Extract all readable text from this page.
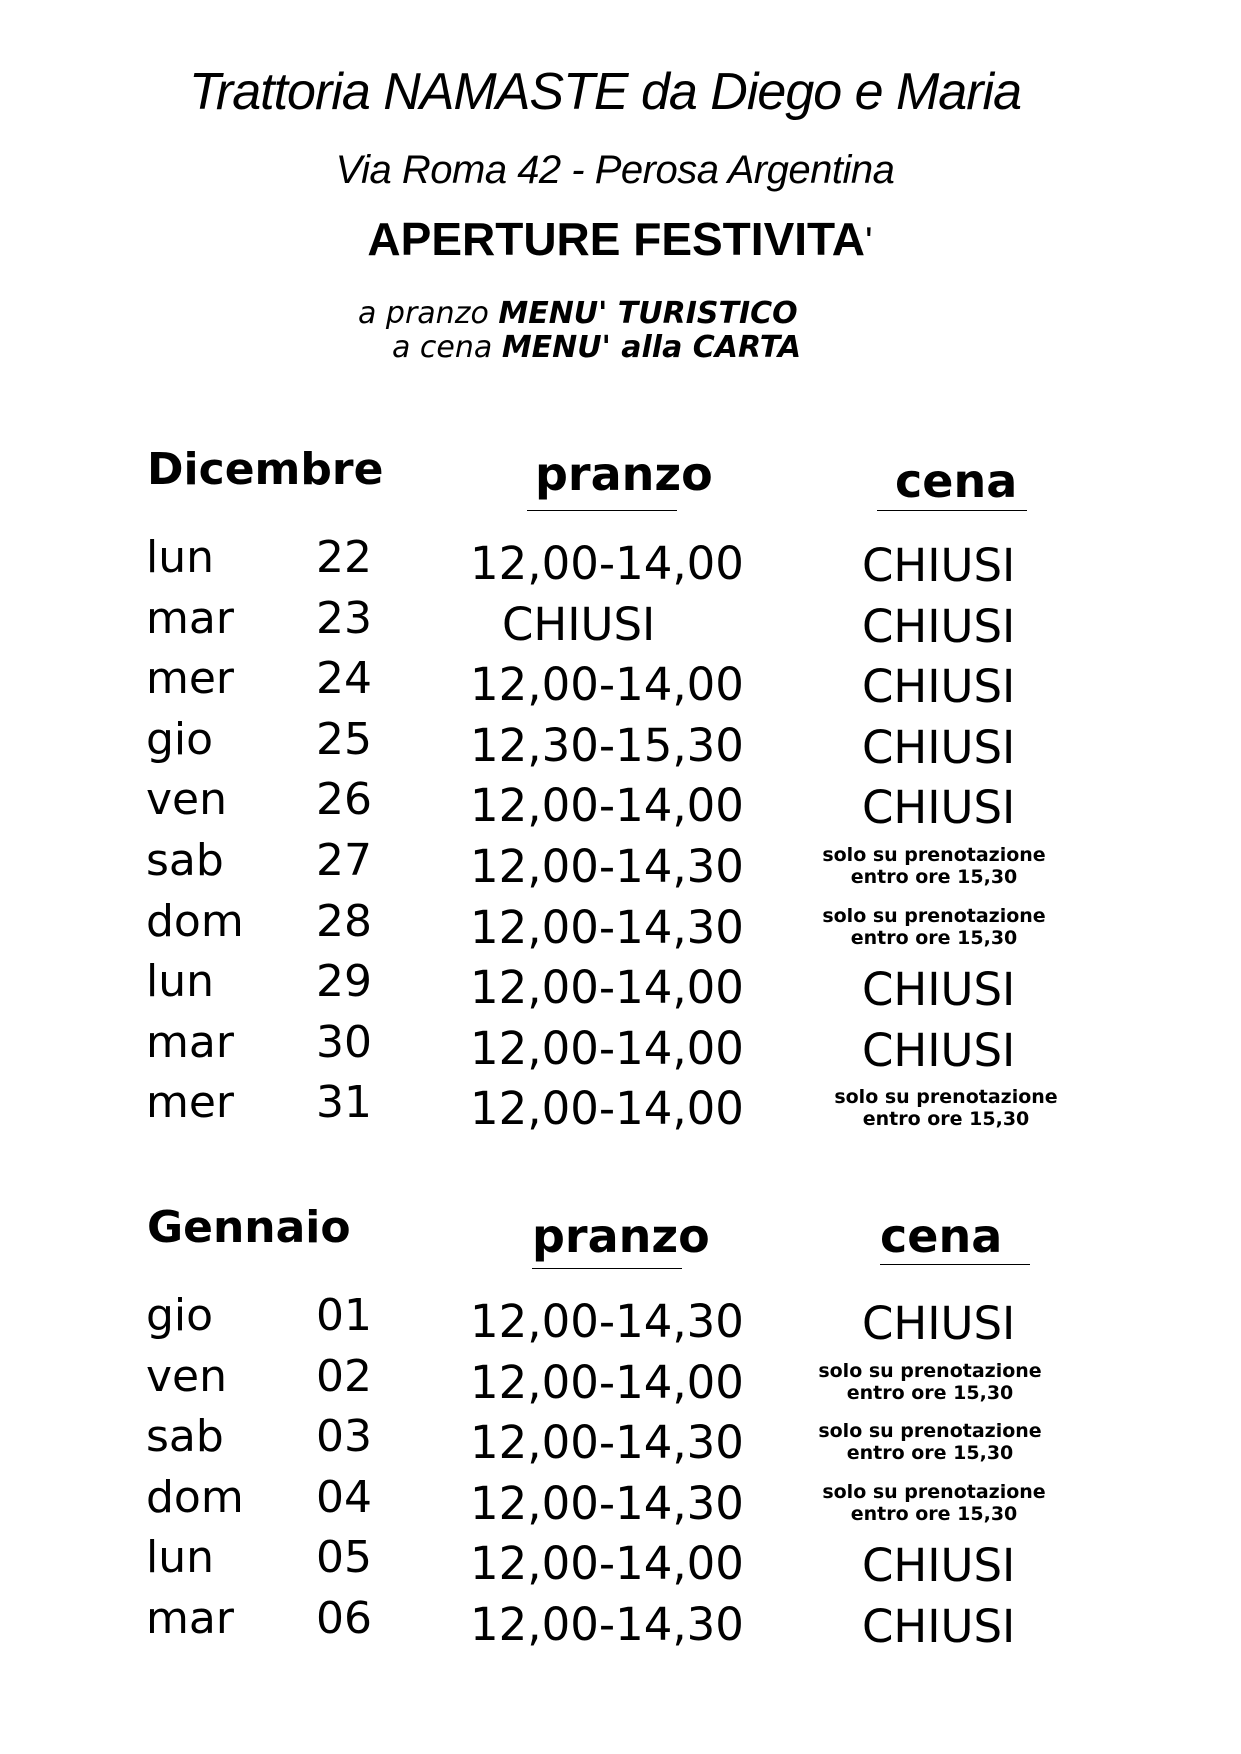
Trattoria NAMASTE da Diego e Maria
Via Roma 42 - Perosa Argentina
APERTURE FESTIVITA'
a pranzo MENU' TURISTICO
a cena MENU' alla CARTA
Dicembre	pranzo	cena
lun 22 12,00-14,00	CHIUSI
mar 23	CHIUSI	CHIUSI
mer 24 12,00-14,00	CHIUSI
gio 25 12,30-15,30	CHIUSI
ven 26 12,00-14,00	CHIUSI
sab 27 12,00-14,30	solo su prenotazione
entro ore 15,30
dom 28 12,00-14,30	solo su prenotazione
entro ore 15,30
lun 29 12,00-14,00	CHIUSI
mar 30 12,00-14,00	CHIUSI
mer 31 12,00-14,00	solo su prenotazione
entro ore 15,30
Gennaio	pranzo	cena
gio 01 12,00-14,30	CHIUSI
ven 02 12,00-14,00	solo su prenotazione
entro ore 15,30
sab 03 12,00-14,30	solo su prenotazione
entro ore 15,30
dom 04 12,00-14,30	solo su prenotazione
entro ore 15,30
lun 05 12,00-14,00	CHIUSI
mar 06 12,00-14,30	CHIUSI
